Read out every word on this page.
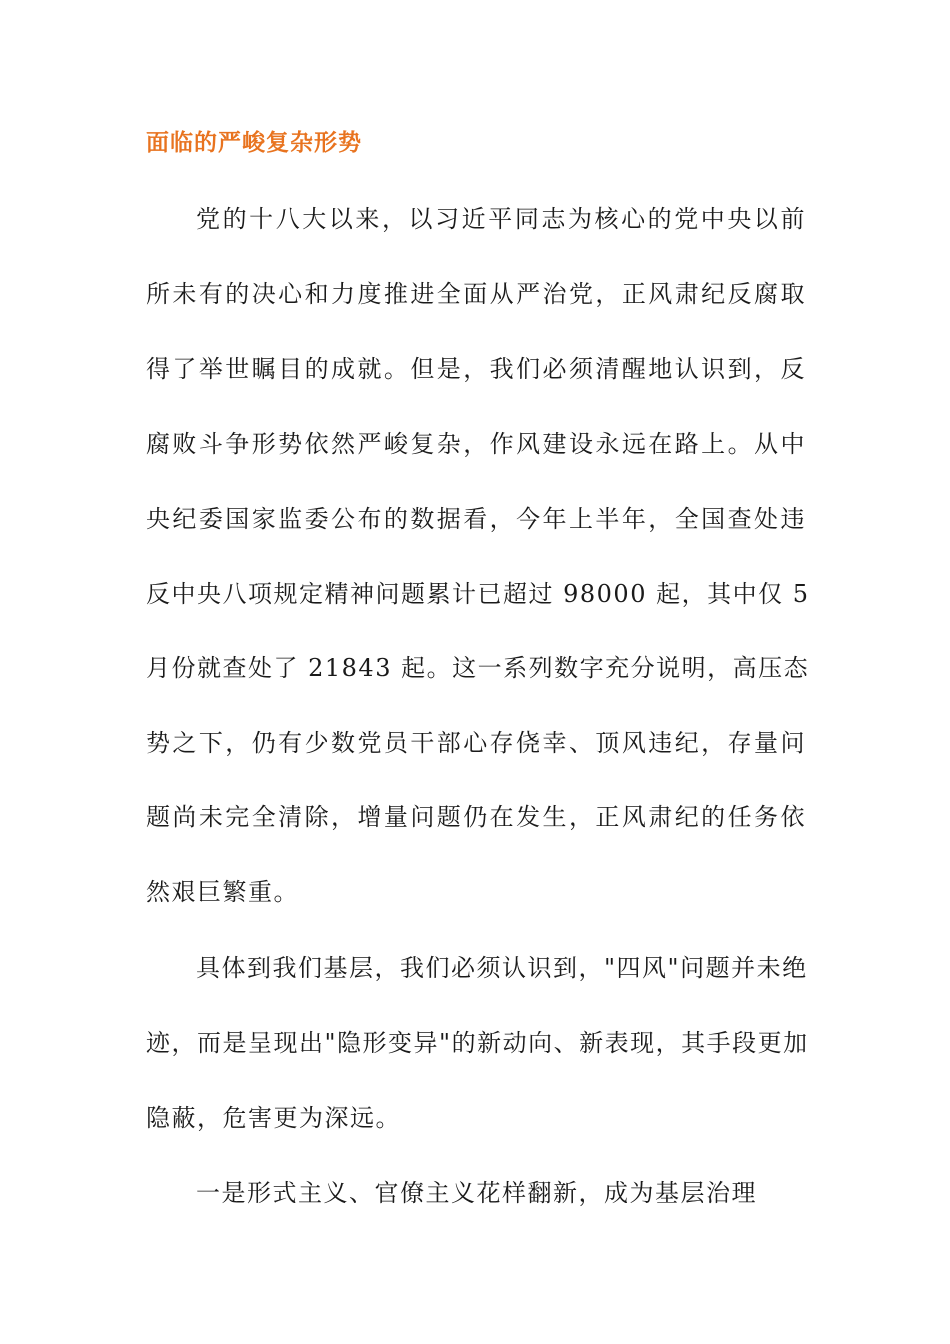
面临的严峻复杂形势
党的十八大以来，以习近平同志为核心的党中央以前
所未有的决心和力度推进全面从严治党，正风肃纪反腐取
得了举世瞩目的成就。但是，我们必须清醒地认识到，反
腐败斗争形势依然严峻复杂，作风建设永远在路上。从中
央纪委国家监委公布的数据看，今年上半年，全国查处违
反中央八项规定精神问题累计已超过 98000 起，其中仅 5
月份就查处了 21843 起。这一系列数字充分说明，高压态
势之下，仍有少数党员干部心存侥幸、顶风违纪，存量问
题尚未完全清除，增量问题仍在发生，正风肃纪的任务依
然艰巨繁重。
具体到我们基层，我们必须认识到，"四风"问题并未绝
迹，而是呈现出"隐形变异"的新动向、新表现，其手段更加
隐蔽，危害更为深远。
一是形式主义、官僚主义花样翻新，成为基层治理
